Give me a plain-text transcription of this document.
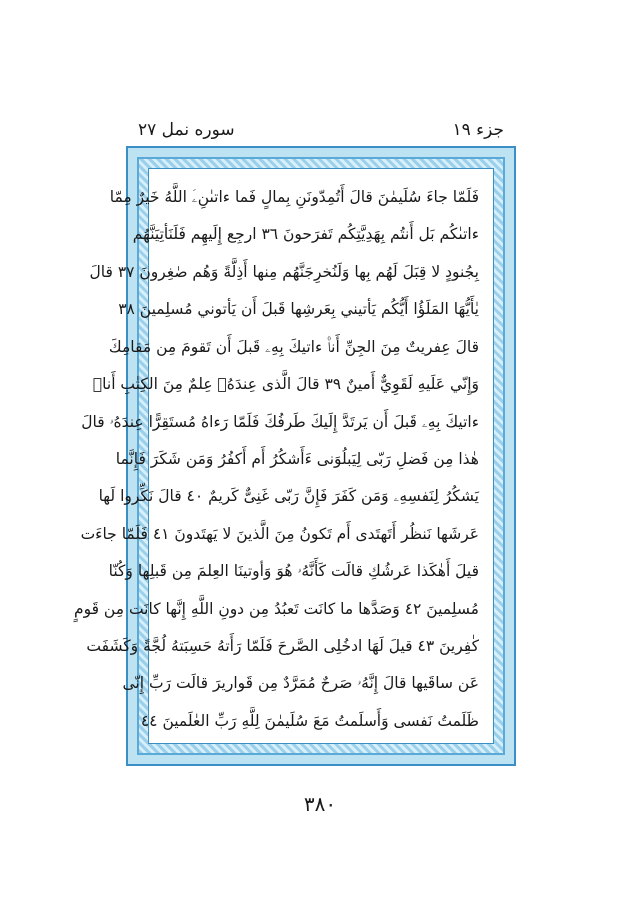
جزء ١٩
سوره نمل ٢٧
فَلَمّا جاءَ سُلَيمٰنَ قالَ أَتُمِدّونَنِ بِمالٍ فَما ءاتىٰنِۦَ اللَّهُ خَيرٌ مِمّا
ءاتىٰكُم بَل أَنتُم بِهَدِيَّتِكُم تَفرَحونَ ٣٦ ارجِع إِلَيهِم فَلَنَأتِيَنَّهُم
بِجُنودٍ لا قِبَلَ لَهُم بِها وَلَنُخرِجَنَّهُم مِنها أَذِلَّةً وَهُم صٰغِرونَ ٣٧ قالَ
يٰأَيُّهَا المَلَؤُا أَيُّكُم يَأتيني بِعَرشِها قَبلَ أَن يَأتوني مُسلِمينَ ٣٨
قالَ عِفريتٌ مِنَ الجِنِّ أَنا۠ ءاتيكَ بِهِۦ قَبلَ أَن تَقومَ مِن مَقامِكَ
وَإِنّي عَلَيهِ لَقَوِيٌّ أَمينٌ ٣٩ قالَ الَّذى عِندَهُۥ عِلمٌ مِنَ الكِتٰبِ أَنا۠
ءاتيكَ بِهِۦ قَبلَ أَن يَرتَدَّ إِلَيكَ طَرفُكَ فَلَمّا رَءاهُ مُستَقِرًّا عِندَهُۥ قالَ
هٰذا مِن فَضلِ رَبّى لِيَبلُوَنى ءَأَشكُرُ أَم أَكفُرُ وَمَن شَكَرَ فَإِنَّما
يَشكُرُ لِنَفسِهِۦ وَمَن كَفَرَ فَإِنَّ رَبّى غَنِىٌّ كَريمٌ ٤٠ قالَ نَكِّروا لَها
عَرشَها نَنظُر أَتَهتَدى أَم تَكونُ مِنَ الَّذينَ لا يَهتَدونَ ٤١ فَلَمّا جاءَت
قيلَ أَهٰكَذا عَرشُكِ قالَت كَأَنَّهُۥ هُوَ وَأوتينَا العِلمَ مِن قَبلِها وَكُنّا
مُسلِمينَ ٤٢ وَصَدَّها ما كانَت تَعبُدُ مِن دونِ اللَّهِ إِنَّها كانَت مِن قَومٍ
كٰفِرينَ ٤٣ قيلَ لَهَا ادخُلِى الصَّرحَ فَلَمّا رَأَتهُ حَسِبَتهُ لُجَّةً وَكَشَفَت
عَن ساقَيها قالَ إِنَّهُۥ صَرحٌ مُمَرَّدٌ مِن قَواريرَ قالَت رَبِّ إِنّى
ظَلَمتُ نَفسى وَأَسلَمتُ مَعَ سُلَيمٰنَ لِلَّهِ رَبِّ العٰلَمينَ ٤٤
٣٨٠
